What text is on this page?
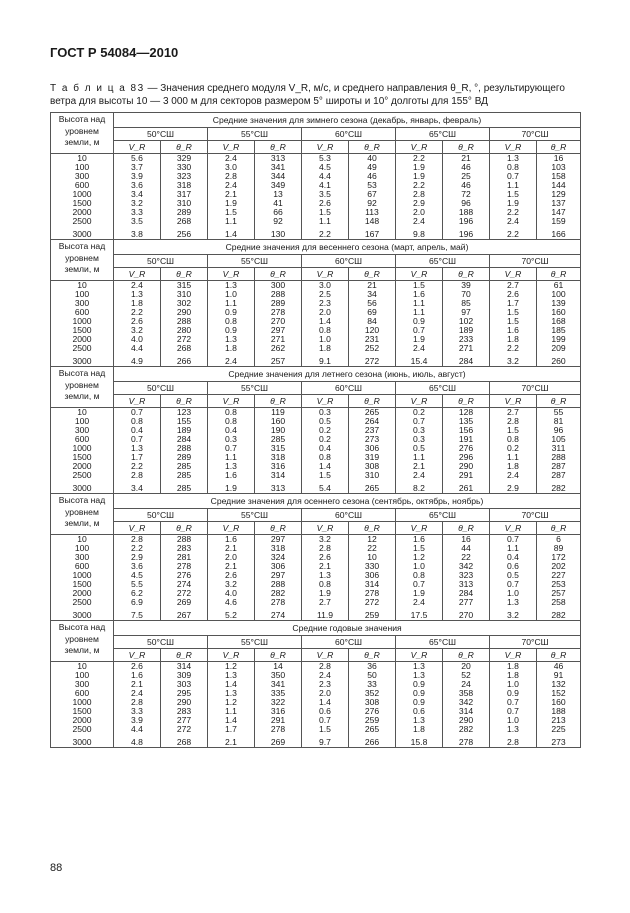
ГОСТ Р 54084—2010
Т а б л и ц а 83 — Значения среднего модуля V_R, м/с, и среднего направления θ_R, °, результирующего ветра для высоты 10 — 3 000 м для секторов размером 5° широты и 10° долготы для 155° ВД
Высота над уровнем земли, м	Средние значения для зимнего сезона (декабрь, январь, февраль)									
	50°СШ		55°СШ		60°СШ		65°СШ		70°СШ	
	V_R	θ_R	V_R	θ_R	V_R	θ_R	V_R	θ_R	V_R	θ_R
10	5.6	329	2.4	313	5.3	40	2.2	21	1.3	16
100	3.7	330	3.0	341	4.5	49	1.9	46	0.8	103
300	3.9	323	2.8	344	4.4	46	1.9	25	0.7	158
600	3.6	318	2.4	349	4.1	53	2.2	46	1.1	144
1000	3.4	317	2.1	13	3.5	67	2.8	72	1.5	129
1500	3.2	310	1.9	41	2.6	92	2.9	96	1.9	137
2000	3.3	289	1.5	66	1.5	113	2.0	188	2.2	147
2500	3.5	268	1.1	92	1.1	148	2.4	196	2.4	159
3000	3.8	256	1.4	130	2.2	167	9.8	196	2.2	166
Высота над уровнем земли, м	Средние значения для весеннего сезона (март, апрель, май)									
	50°СШ		55°СШ		60°СШ		65°СШ		70°СШ	
	V_R	θ_R	V_R	θ_R	V_R	θ_R	V_R	θ_R	V_R	θ_R
10	2.4	315	1.3	300	3.0	21	1.5	39	2.7	61
100	1.3	310	1.0	288	2.5	34	1.6	70	2.6	100
300	1.8	302	1.1	289	2.3	56	1.1	85	1.7	139
600	2.2	290	0.9	278	2.0	69	1.1	97	1.5	160
1000	2.6	288	0.8	270	1.4	84	0.9	102	1.5	168
1500	3.2	280	0.9	297	0.8	120	0.7	189	1.6	185
2000	4.0	272	1.3	271	1.0	231	1.9	233	1.8	199
2500	4.4	268	1.8	262	1.8	252	2.4	271	2.2	209
3000	4.9	266	2.4	257	9.1	272	15.4	284	3.2	260
Высота над уровнем земли, м	Средние значения для летнего сезона (июнь, июль, август)									
	50°СШ		55°СШ		60°СШ		65°СШ		70°СШ	
	V_R	θ_R	V_R	θ_R	V_R	θ_R	V_R	θ_R	V_R	θ_R
10	0.7	123	0.8	119	0.3	265	0.2	128	2.7	55
100	0.8	155	0.8	160	0.5	264	0.7	135	2.8	81
300	0.4	189	0.4	190	0.2	237	0.3	156	1.5	96
600	0.7	284	0.3	285	0.2	273	0.3	191	0.8	105
1000	1.3	288	0.7	315	0.4	306	0.5	276	0.2	311
1500	1.7	289	1.1	318	0.8	319	1.1	296	1.1	288
2000	2.2	285	1.3	316	1.4	308	2.1	290	1.8	287
2500	2.8	285	1.6	314	1.5	310	2.4	291	2.4	287
3000	3.4	285	1.9	313	5.4	265	8.2	261	2.9	282
Высота над уровнем земли, м	Средние значения для осеннего сезона (сентябрь, октябрь, ноябрь)									
	50°СШ		55°СШ		60°СШ		65°СШ		70°СШ	
	V_R	θ_R	V_R	θ_R	V_R	θ_R	V_R	θ_R	V_R	θ_R
10	2.8	288	1.6	297	3.2	12	1.6	16	0.7	6
100	2.2	283	2.1	318	2.8	22	1.5	44	1.1	89
300	2.9	281	2.0	324	2.6	10	1.2	22	0.4	172
600	3.6	278	2.1	306	2.1	330	1.0	342	0.6	202
1000	4.5	276	2.6	297	1.3	306	0.8	323	0.5	227
1500	5.5	274	3.2	288	0.8	314	0.7	313	0.7	253
2000	6.2	272	4.0	282	1.9	278	1.9	284	1.0	257
2500	6.9	269	4.6	278	2.7	272	2.4	277	1.3	258
3000	7.5	267	5.2	274	11.9	259	17.5	270	3.2	282
Высота над уровнем земли, м	Средние годовые значения									
	50°СШ		55°СШ		60°СШ		65°СШ		70°СШ	
	V_R	θ_R	V_R	θ_R	V_R	θ_R	V_R	θ_R	V_R	θ_R
10	2.6	314	1.2	14	2.8	36	1.3	20	1.8	46
100	1.6	309	1.3	350	2.4	50	1.3	52	1.8	91
300	2.1	303	1.4	341	2.3	33	0.9	24	1.0	132
600	2.4	295	1.3	335	2.0	352	0.9	358	0.9	152
1000	2.8	290	1.2	322	1.4	308	0.9	342	0.7	160
1500	3.3	283	1.1	316	0.6	276	0.6	314	0.7	188
2000	3.9	277	1.4	291	0.7	259	1.3	290	1.0	213
2500	4.4	272	1.7	278	1.5	265	1.8	282	1.3	225
3000	4.8	268	2.1	269	9.7	266	15.8	278	2.8	273
88
